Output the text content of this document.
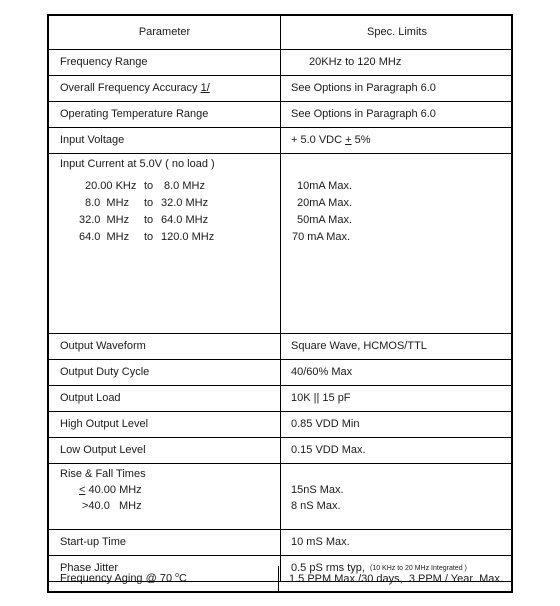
Parameter	Spec. Limits
Frequency Range	20KHz to 120 MHz
Overall Frequency Accuracy 1/	See Options in Paragraph 6.0
Operating Temperature Range	See Options in Paragraph 6.0
Input Voltage	+ 5.0 VDC + 5%
Input Current at 5.0V ( no load )
20.00 KHz to 8.0 MHz	10mA Max.
8.0  MHz to 32.0 MHz	20mA Max.
32.0  MHz to 64.0 MHz	50mA Max.
64.0  MHz to 120.0 MHz	70 mA Max.
Output Waveform	Square Wave, HCMOS/TTL
Output Duty Cycle	40/60% Max
Output Load	10K || 15 pF
High Output Level	0.85 VDD Min
Low Output Level	0.15 VDD Max.
Rise & Fall Times
≤ 40.00 MHz	15nS Max.
>40.0   MHz	8 nS Max.
Start-up Time	10 mS Max.
Phase Jitter	0.5 pS rms typ, (10 KHz to 20 MHz Integrated )
Frequency Aging @ 70 $^o$C	1.5 PPM Max./30 days,  3 PPM / Year  Max.
